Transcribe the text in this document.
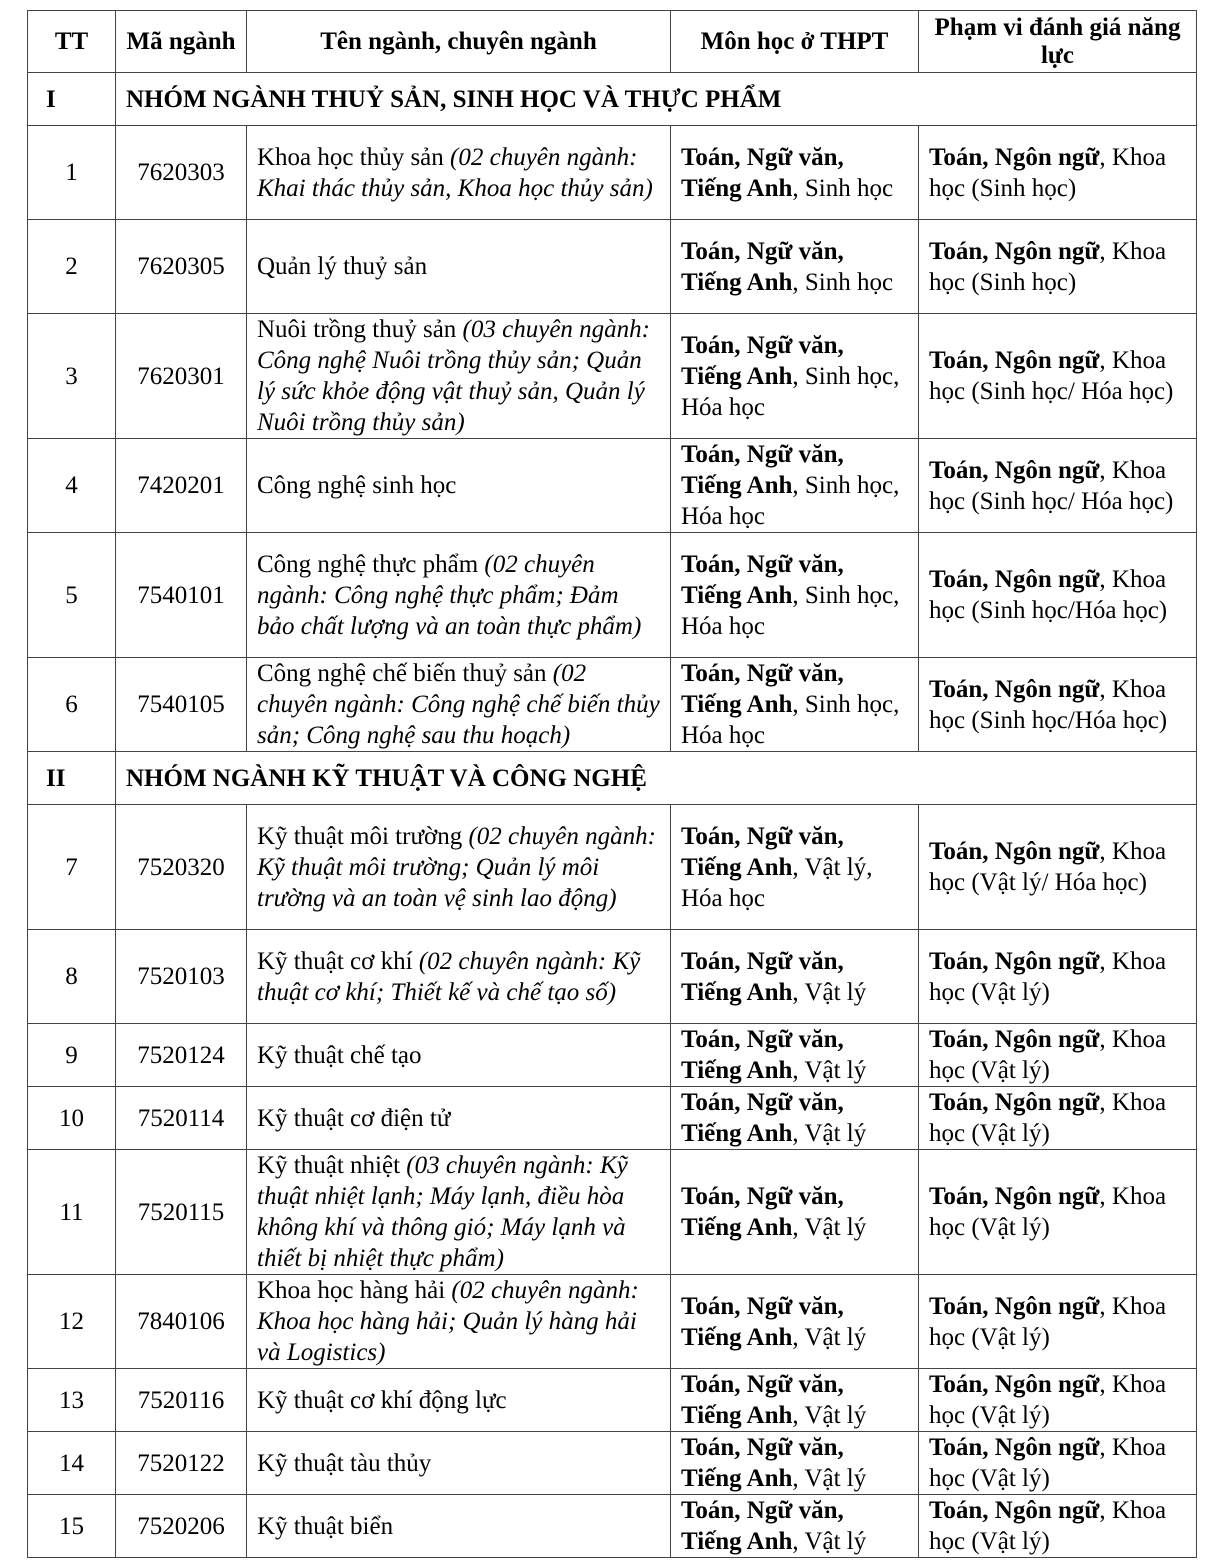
TT	Mã ngành	Tên ngành, chuyên ngành	Môn học ở THPT	Phạm vi đánh giá năng lực
I	NHÓM NGÀNH THUỶ SẢN, SINH HỌC VÀ THỰC PHẨM			
1	7620303	Khoa học thủy sản (02 chuyên ngành: Khai thác thủy sản, Khoa học thủy sản)	Toán, Ngữ văn, Tiếng Anh, Sinh học	Toán, Ngôn ngữ, Khoa học (Sinh học)
2	7620305	Quản lý thuỷ sản	Toán, Ngữ văn, Tiếng Anh, Sinh học	Toán, Ngôn ngữ, Khoa học (Sinh học)
3	7620301	Nuôi trồng thuỷ sản (03 chuyên ngành: Công nghệ Nuôi trồng thủy sản; Quản lý sức khỏe động vật thuỷ sản, Quản lý Nuôi trồng thủy sản)	Toán, Ngữ văn, Tiếng Anh, Sinh học, Hóa học	Toán, Ngôn ngữ, Khoa học (Sinh học/ Hóa học)
4	7420201	Công nghệ sinh học	Toán, Ngữ văn, Tiếng Anh, Sinh học, Hóa học	Toán, Ngôn ngữ, Khoa học (Sinh học/ Hóa học)
5	7540101	Công nghệ thực phẩm (02 chuyên ngành: Công nghệ thực phẩm; Đảm bảo chất lượng và an toàn thực phẩm)	Toán, Ngữ văn, Tiếng Anh, Sinh học, Hóa học	Toán, Ngôn ngữ, Khoa học (Sinh học/Hóa học)
6	7540105	Công nghệ chế biến thuỷ sản (02 chuyên ngành: Công nghệ chế biến thủy sản; Công nghệ sau thu hoạch)	Toán, Ngữ văn, Tiếng Anh, Sinh học, Hóa học	Toán, Ngôn ngữ, Khoa học (Sinh học/Hóa học)
II	NHÓM NGÀNH KỸ THUẬT VÀ CÔNG NGHỆ			
7	7520320	Kỹ thuật môi trường (02 chuyên ngành: Kỹ thuật môi trường; Quản lý môi trường và an toàn vệ sinh lao động)	Toán, Ngữ văn, Tiếng Anh, Vật lý, Hóa học	Toán, Ngôn ngữ, Khoa học (Vật lý/ Hóa học)
8	7520103	Kỹ thuật cơ khí (02 chuyên ngành: Kỹ thuật cơ khí; Thiết kế và chế tạo số)	Toán, Ngữ văn, Tiếng Anh, Vật lý	Toán, Ngôn ngữ, Khoa học (Vật lý)
9	7520124	Kỹ thuật chế tạo	Toán, Ngữ văn, Tiếng Anh, Vật lý	Toán, Ngôn ngữ, Khoa học (Vật lý)
10	7520114	Kỹ thuật cơ điện tử	Toán, Ngữ văn, Tiếng Anh, Vật lý	Toán, Ngôn ngữ, Khoa học (Vật lý)
11	7520115	Kỹ thuật nhiệt (03 chuyên ngành: Kỹ thuật nhiệt lạnh; Máy lạnh, điều hòa không khí và thông gió; Máy lạnh và thiết bị nhiệt thực phẩm)	Toán, Ngữ văn, Tiếng Anh, Vật lý	Toán, Ngôn ngữ, Khoa học (Vật lý)
12	7840106	Khoa học hàng hải (02 chuyên ngành: Khoa học hàng hải; Quản lý hàng hải và Logistics)	Toán, Ngữ văn, Tiếng Anh, Vật lý	Toán, Ngôn ngữ, Khoa học (Vật lý)
13	7520116	Kỹ thuật cơ khí động lực	Toán, Ngữ văn, Tiếng Anh, Vật lý	Toán, Ngôn ngữ, Khoa học (Vật lý)
14	7520122	Kỹ thuật tàu thủy	Toán, Ngữ văn, Tiếng Anh, Vật lý	Toán, Ngôn ngữ, Khoa học (Vật lý)
15	7520206	Kỹ thuật biển	Toán, Ngữ văn, Tiếng Anh, Vật lý	Toán, Ngôn ngữ, Khoa học (Vật lý)
